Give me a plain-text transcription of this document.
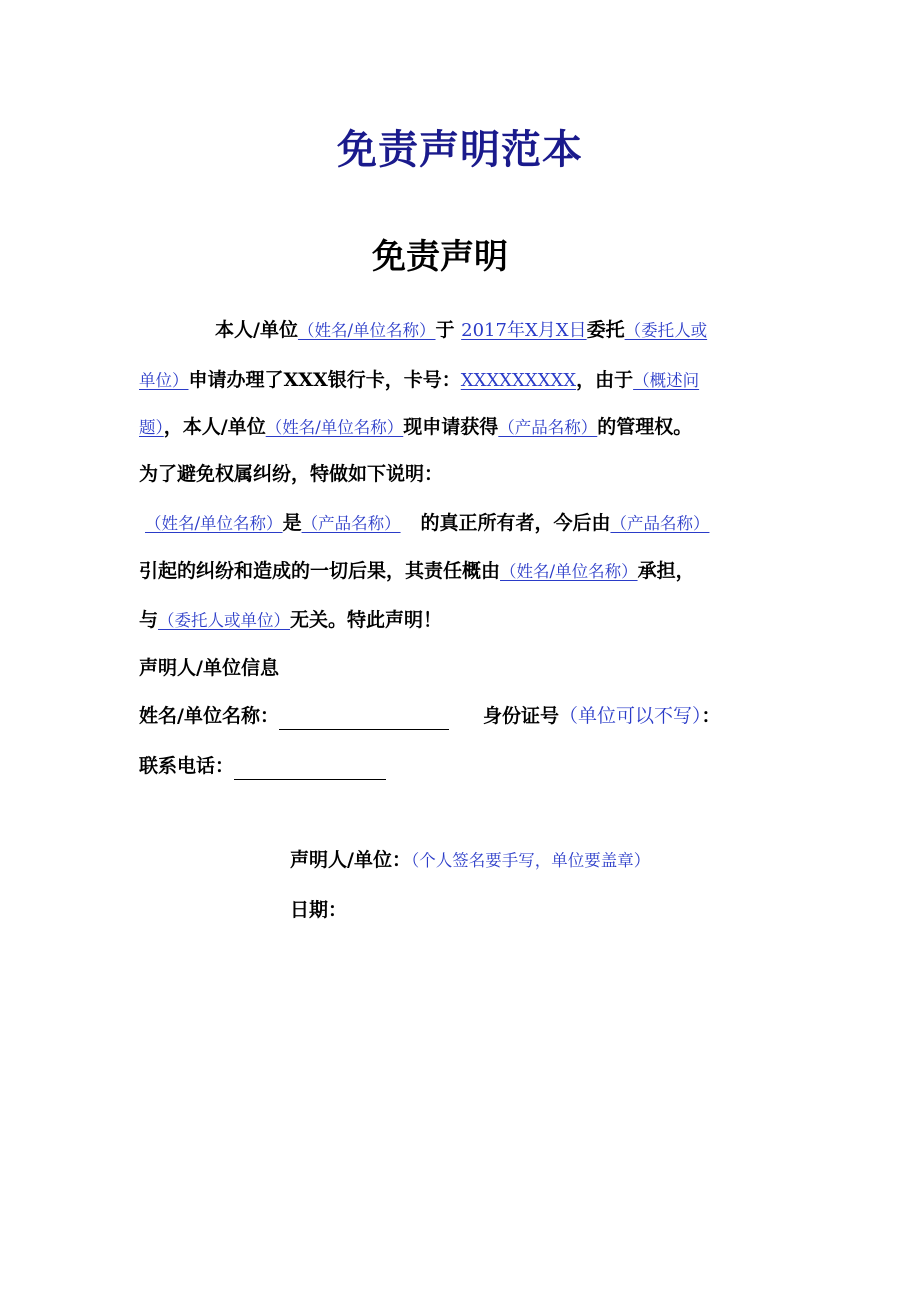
免责声明范本
免责声明
本人/单位（姓名/单位名称）于 2017年X月X日委托（委托人或
单位）申请办理了XXX银行卡，卡号：XXXXXXXXX，由于（概述问
题），本人/单位（姓名/单位名称）现申请获得（产品名称）的管理权。
为了避免权属纠纷，特做如下说明：
（姓名/单位名称）是（产品名称） 的真正所有者，今后由（产品名称）
引起的纠纷和造成的一切后果，其责任概由（姓名/单位名称）承担，
与（委托人或单位）无关。特此声明！
声明人/单位信息
姓名/单位名称：	身份证号（单位可以不写）：
联系电话：
声明人/单位：（个人签名要手写，单位要盖章）
日期：
